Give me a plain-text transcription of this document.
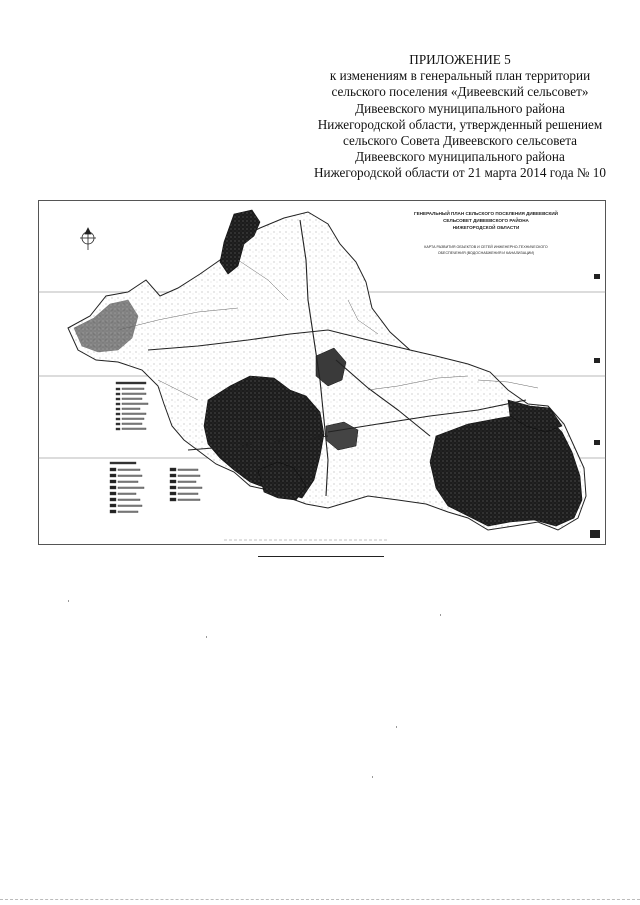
ПРИЛОЖЕНИЕ 5
к изменениям в генеральный план территории
сельского поселения «Дивеевский сельсовет»
Дивеевского муниципального района
Нижегородской области, утвержденный решением
сельского Совета Дивеевского сельсовета
Дивеевского муниципального района
Нижегородской области от 21 марта 2014 года № 10
ГЕНЕРАЛЬНЫЙ ПЛАН СЕЛЬСКОГО ПОСЕЛЕНИЯ ДИВЕЕВСКИЙ
СЕЛЬСОВЕТ ДИВЕЕВСКОГО РАЙОНА
НИЖЕГОРОДСКОЙ ОБЛАСТИ
КАРТА РАЗВИТИЯ ОБЪЕКТОВ И СЕТЕЙ ИНЖЕНЕРНО-ТЕХНИЧЕСКОГО
ОБЕСПЕЧЕНИЯ (ВОДОСНАБЖЕНИЯ И КАНАЛИЗАЦИИ)
